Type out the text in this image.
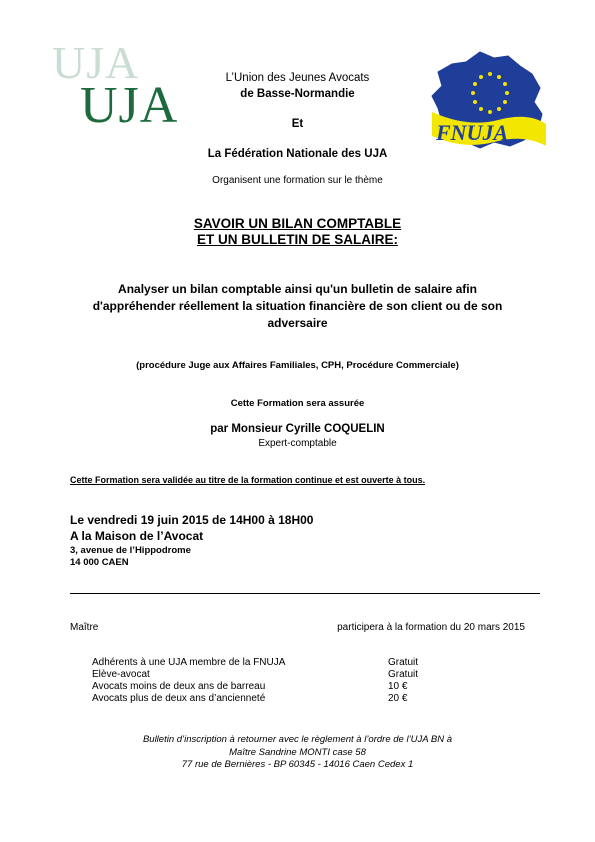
UJA
UJA	FNUJA
L’Union des Jeunes Avocats
de Basse-Normandie
Et
La Fédération Nationale des UJA
Organisent une formation sur le thème
SAVOIR UN BILAN COMPTABLE
ET UN BULLETIN DE SALAIRE:
Analyser un bilan comptable ainsi qu'un bulletin de salaire afin
d'appréhender réellement la situation financière de son client ou de son
adversaire
(procédure Juge aux Affaires Familiales, CPH, Procédure Commerciale)
Cette Formation sera assurée
par Monsieur Cyrille COQUELIN
Expert-comptable
Cette Formation sera validée au titre de la formation continue et est ouverte à tous.
Le vendredi 19 juin 2015 de 14H00 à 18H00
A la Maison de l’Avocat
3, avenue de l’Hippodrome
14 000 CAEN
Maître	participera à la formation du 20 mars 2015
Adhérents à une UJA membre de la FNUJA	Gratuit
Elève-avocat	Gratuit
Avocats moins de deux ans de barreau	10 €
Avocats plus de deux ans d’ancienneté	20 €
Bulletin d’inscription à retourner avec le règlement à l’ordre de l’UJA BN à
Maître Sandrine MONTI case 58
77 rue de Bernières - BP 60345 - 14016 Caen Cedex 1
